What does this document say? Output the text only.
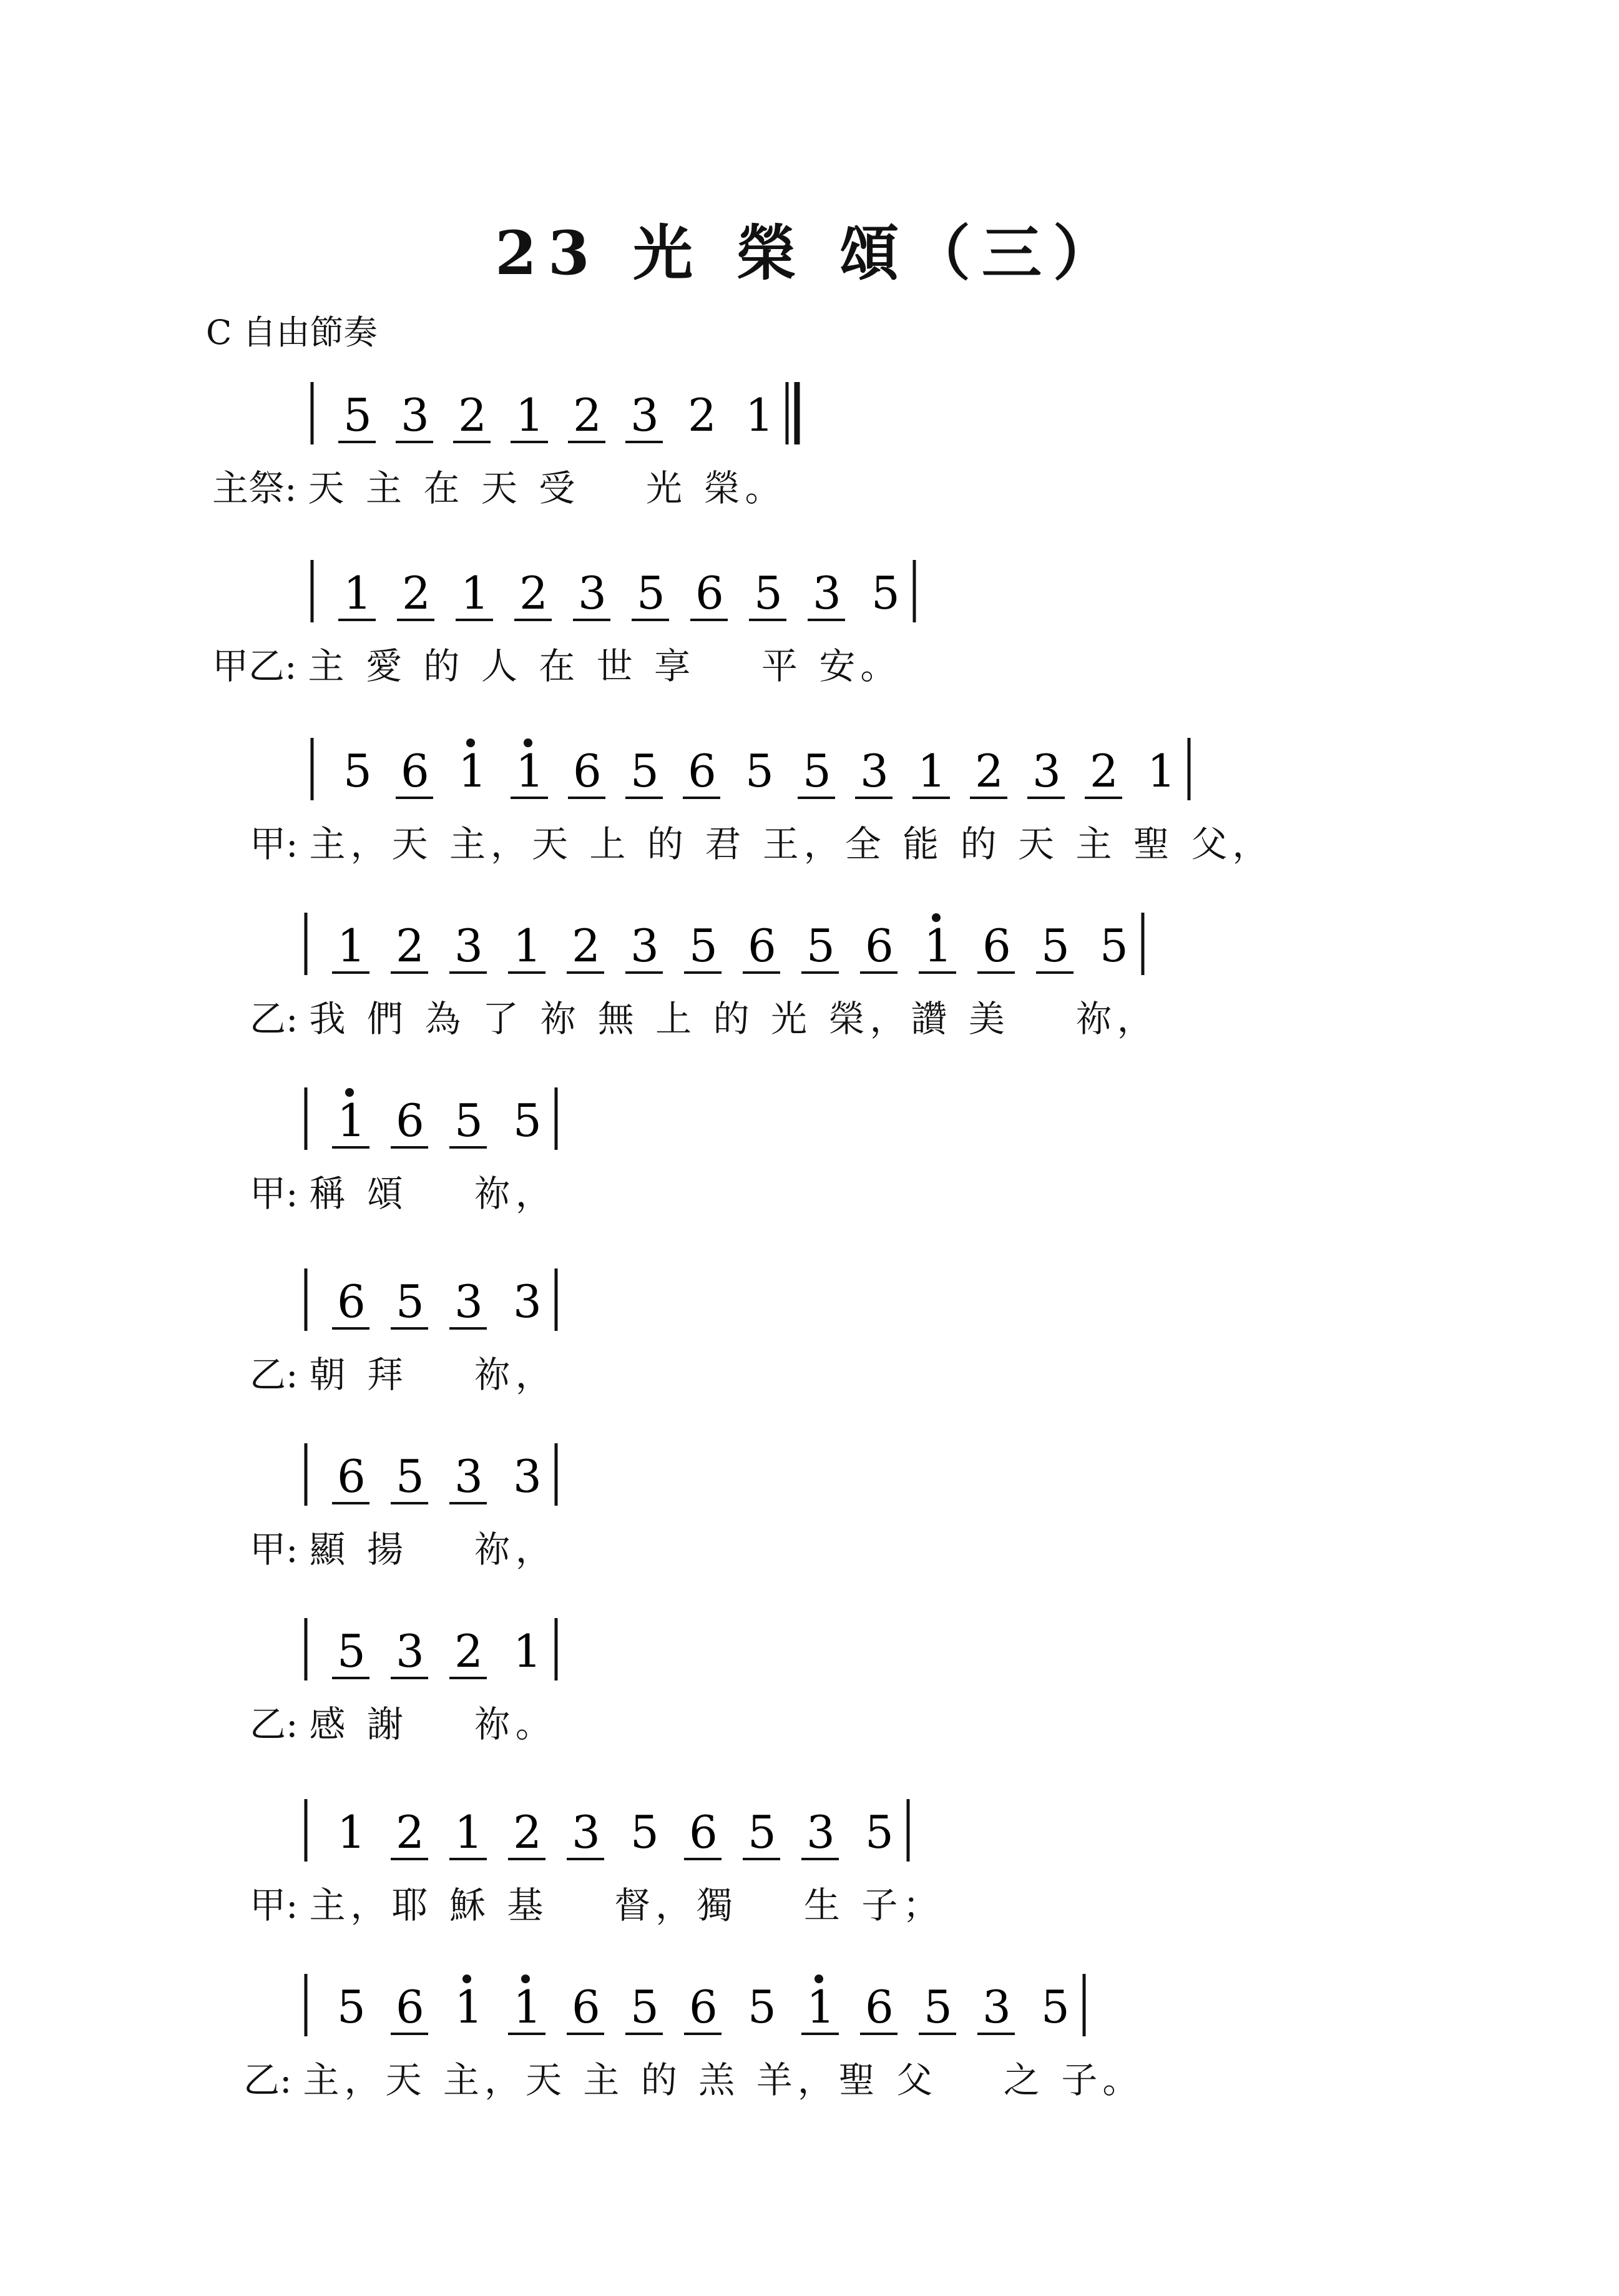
23 光 榮 頌（三）
C 自由節奏
5 3 2 1 2 3 2 1
1 2 1 2 3 5 6 5 3 5
5 6 1 1 6 5 6 5 5 3 1 2 3 2 1
1 2 3 1 2 3 5 6 5 6 1 6 5 5
1 6 5 5
6 5 3 3
6 5 3 3
5 3 2 1
1 2 1 2 3 5 6 5 3 5
5 6 1 1 6 5 6 5 1 6 5 3 5
主祭: 天 主 在 天 受    光 榮。
甲乙: 主 愛 的 人 在 世 享    平 安。
甲: 主，天 主，天 上 的 君 王，全 能 的 天 主 聖 父，
乙: 我 們 為 了 祢 無 上 的 光 榮，讚 美    祢，
甲: 稱 頌    祢，
乙: 朝 拜    祢，
甲: 顯 揚    祢，
乙: 感 謝    祢。
甲: 主，耶 穌 基    督，獨    生 子；
乙: 主，天 主，天 主 的 羔 羊，聖 父    之 子。
